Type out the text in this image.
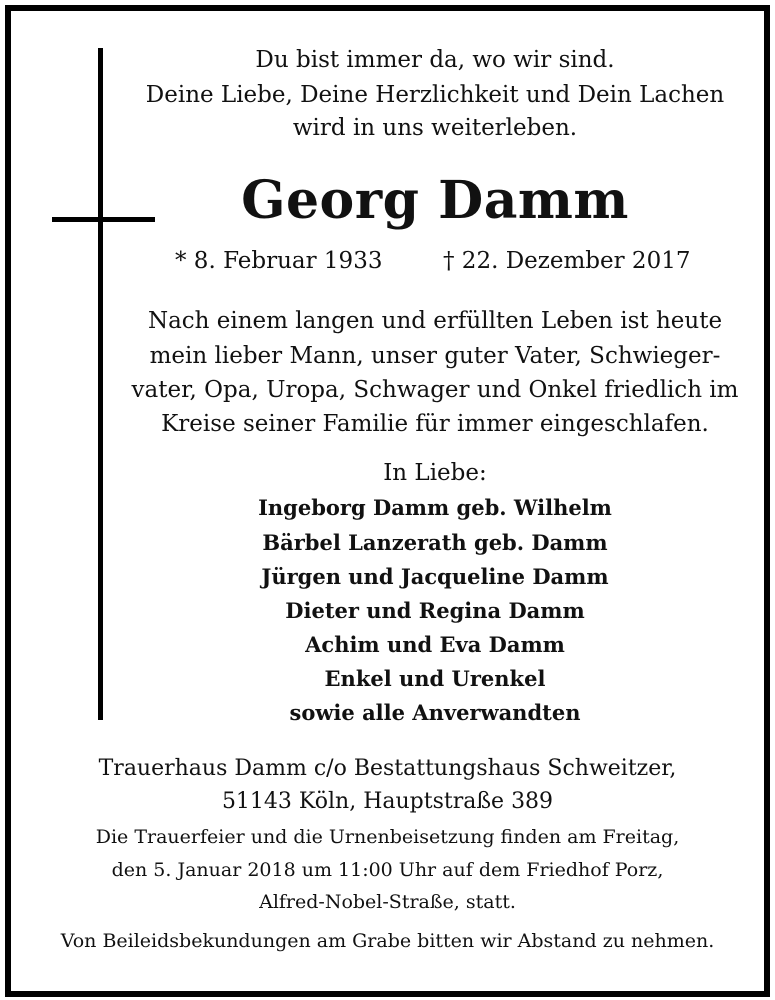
Du bist immer da, wo wir sind.
Deine Liebe, Deine Herzlichkeit und Dein Lachen
wird in uns weiterleben.
Georg Damm
* 8. Februar 1933	† 22. Dezember 2017
Nach einem langen und erfüllten Leben ist heute
mein lieber Mann, unser guter Vater, Schwieger-
vater, Opa, Uropa, Schwager und Onkel friedlich im
Kreise seiner Familie für immer eingeschlafen.
In Liebe:
Ingeborg Damm geb. Wilhelm
Bärbel Lanzerath geb. Damm
Jürgen und Jacqueline Damm
Dieter und Regina Damm
Achim und Eva Damm
Enkel und Urenkel
sowie alle Anverwandten
Trauerhaus Damm c/o Bestattungshaus Schweitzer,
51143 Köln, Hauptstraße 389
Die Trauerfeier und die Urnenbeisetzung finden am Freitag,
den 5. Januar 2018 um 11:00 Uhr auf dem Friedhof Porz,
Alfred-Nobel-Straße, statt.
Von Beileidsbekundungen am Grabe bitten wir Abstand zu nehmen.
